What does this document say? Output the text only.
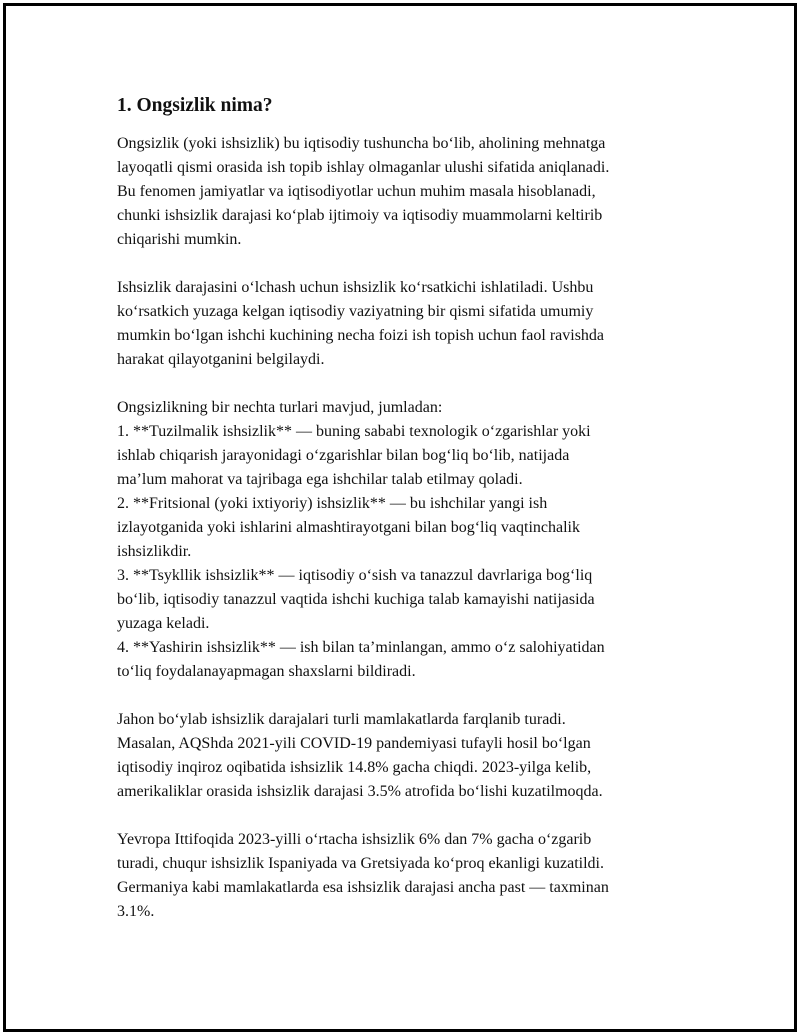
1. Ongsizlik nima?
Ongsizlik (yoki ishsizlik) bu iqtisodiy tushuncha bo‘lib, aholining mehnatga
layoqatli qismi orasida ish topib ishlay olmaganlar ulushi sifatida aniqlanadi.
Bu fenomen jamiyatlar va iqtisodiyotlar uchun muhim masala hisoblanadi,
chunki ishsizlik darajasi ko‘plab ijtimoiy va iqtisodiy muammolarni keltirib
chiqarishi mumkin.
Ishsizlik darajasini o‘lchash uchun ishsizlik ko‘rsatkichi ishlatiladi. Ushbu
ko‘rsatkich yuzaga kelgan iqtisodiy vaziyatning bir qismi sifatida umumiy
mumkin bo‘lgan ishchi kuchining necha foizi ish topish uchun faol ravishda
harakat qilayotganini belgilaydi.
Ongsizlikning bir nechta turlari mavjud, jumladan:
1. **Tuzilmalik ishsizlik** — buning sababi texnologik o‘zgarishlar yoki
ishlab chiqarish jarayonidagi o‘zgarishlar bilan bog‘liq bo‘lib, natijada
ma’lum mahorat va tajribaga ega ishchilar talab etilmay qoladi.
2. **Fritsional (yoki ixtiyoriy) ishsizlik** — bu ishchilar yangi ish
izlayotganida yoki ishlarini almashtirayotgani bilan bog‘liq vaqtinchalik
ishsizlikdir.
3. **Tsykllik ishsizlik** — iqtisodiy o‘sish va tanazzul davrlariga bog‘liq
bo‘lib, iqtisodiy tanazzul vaqtida ishchi kuchiga talab kamayishi natijasida
yuzaga keladi.
4. **Yashirin ishsizlik** — ish bilan ta’minlangan, ammo o‘z salohiyatidan
to‘liq foydalanayapmagan shaxslarni bildiradi.
Jahon bo‘ylab ishsizlik darajalari turli mamlakatlarda farqlanib turadi.
Masalan, AQShda 2021-yili COVID-19 pandemiyasi tufayli hosil bo‘lgan
iqtisodiy inqiroz oqibatida ishsizlik 14.8% gacha chiqdi. 2023-yilga kelib,
amerikaliklar orasida ishsizlik darajasi 3.5% atrofida bo‘lishi kuzatilmoqda.
Yevropa Ittifoqida 2023-yilli o‘rtacha ishsizlik 6% dan 7% gacha o‘zgarib
turadi, chuqur ishsizlik Ispaniyada va Gretsiyada ko‘proq ekanligi kuzatildi.
Germaniya kabi mamlakatlarda esa ishsizlik darajasi ancha past — taxminan
3.1%.
